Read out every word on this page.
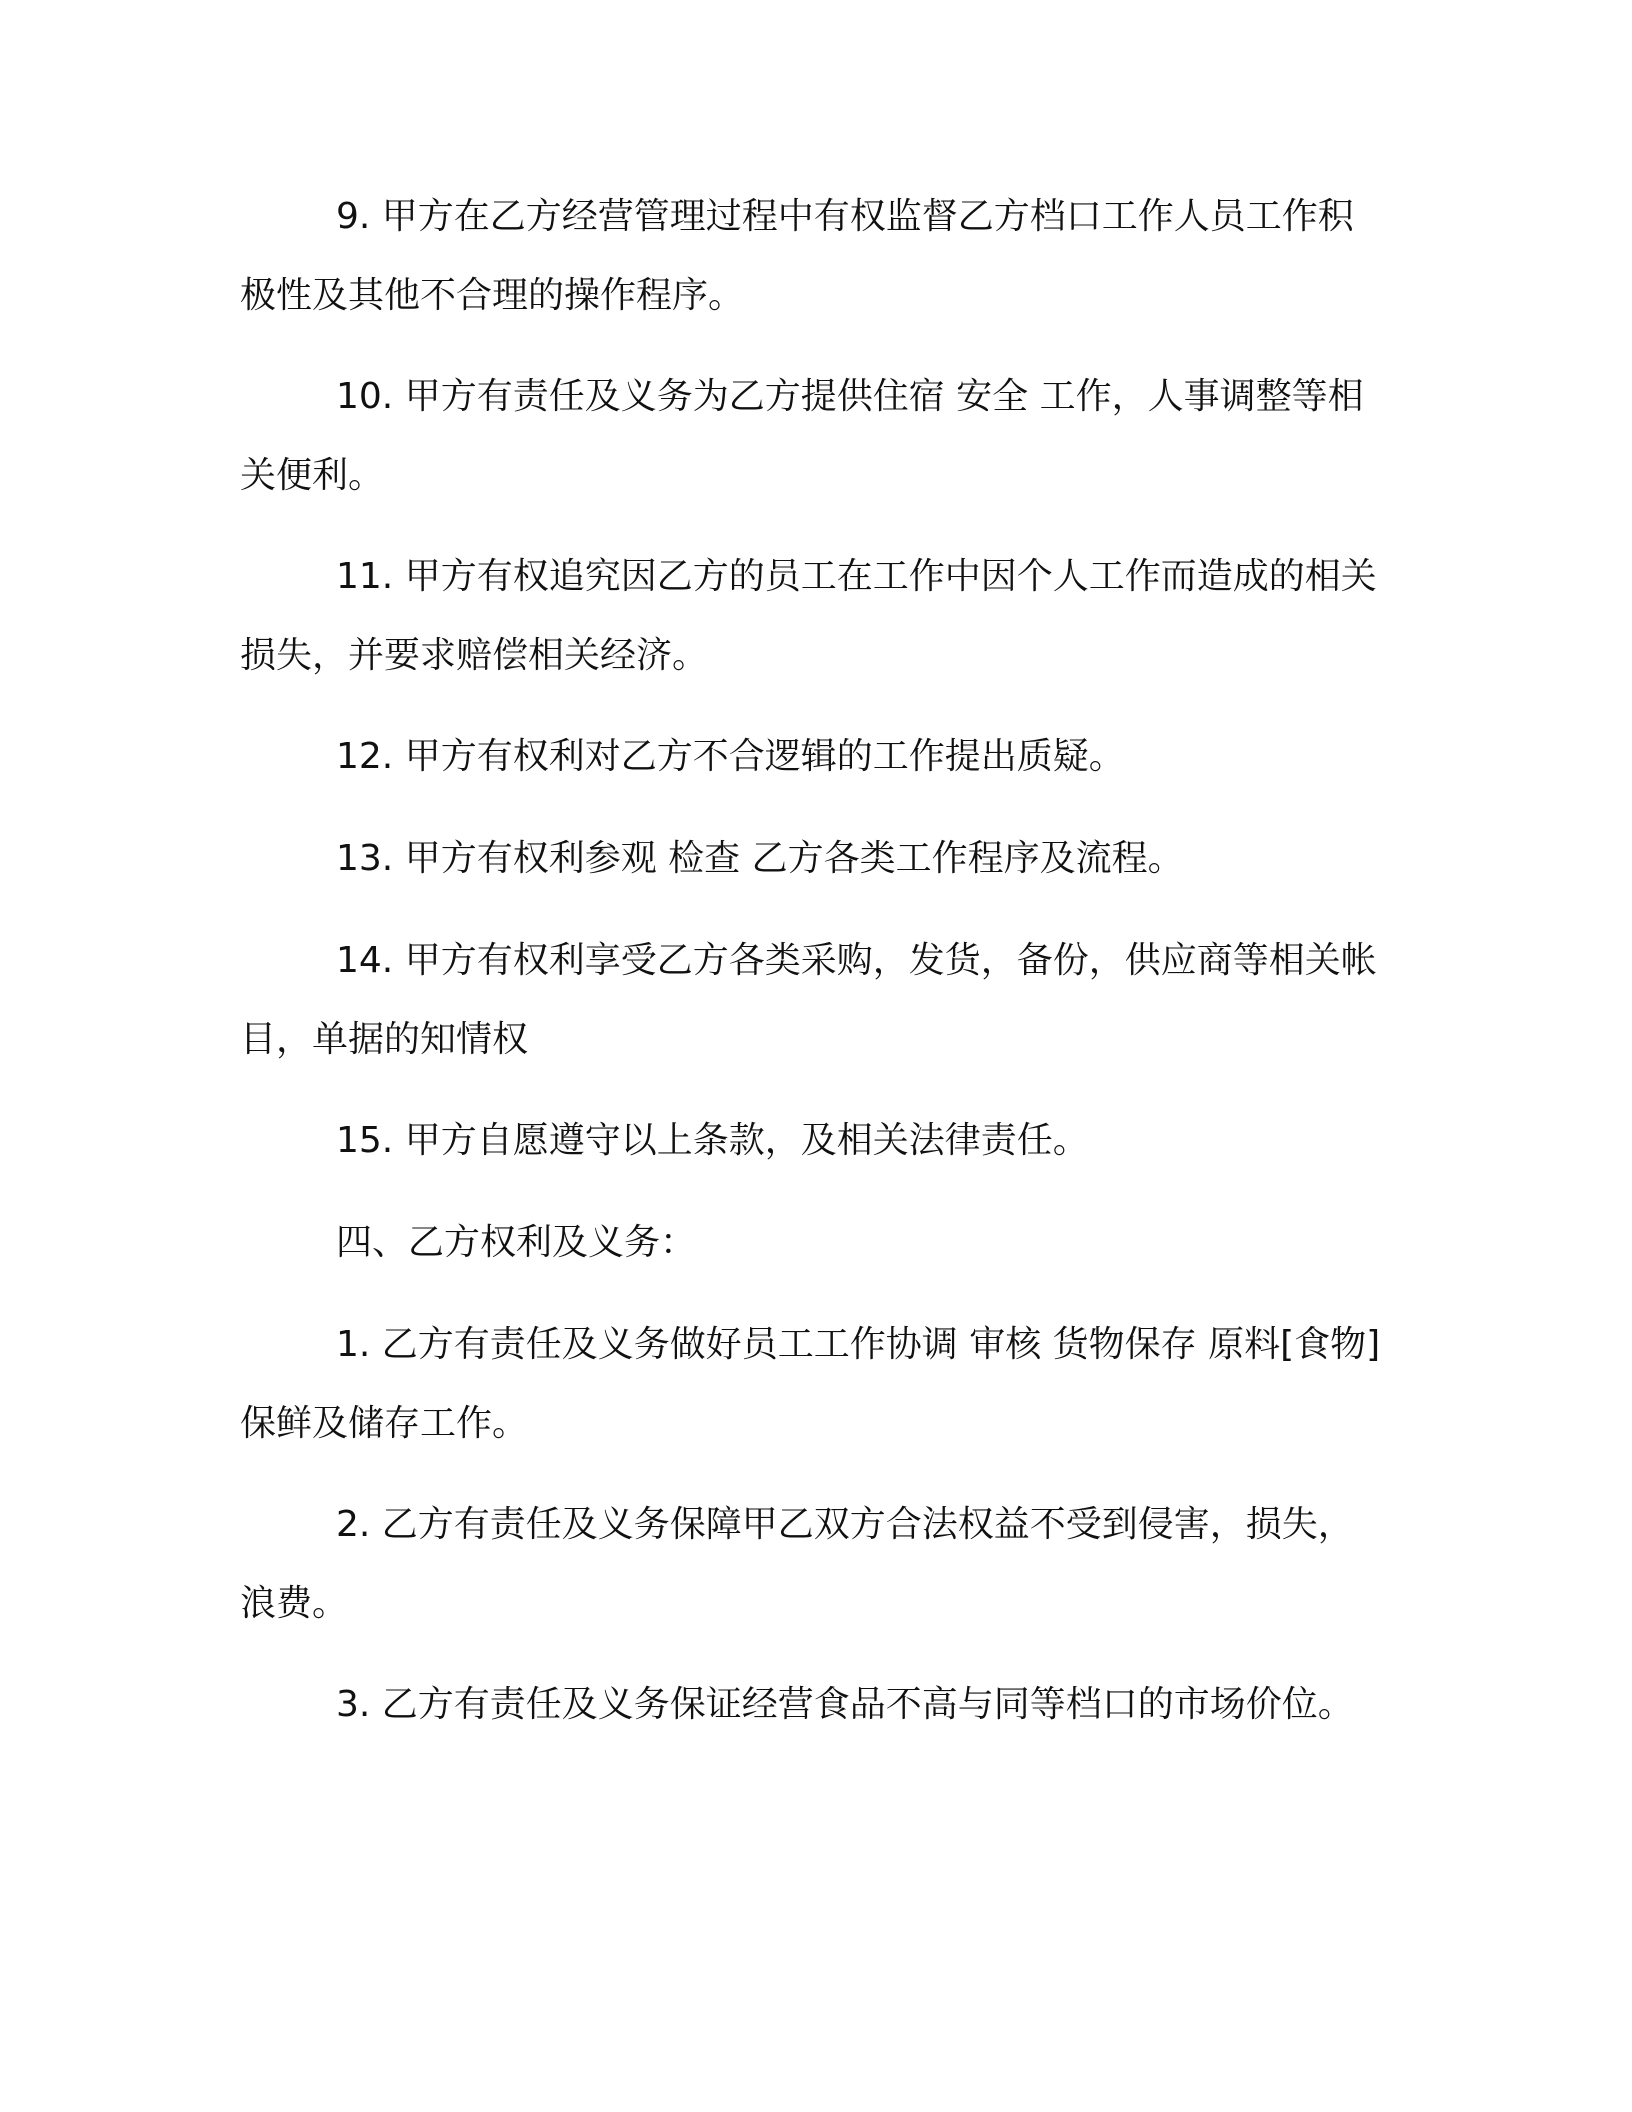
9. 甲方在乙方经营管理过程中有权监督乙方档口工作人员工作积极性及其他不合理的操作程序。

10. 甲方有责任及义务为乙方提供住宿 安全 工作，人事调整等相关便利。

11. 甲方有权追究因乙方的员工在工作中因个人工作而造成的相关损失，并要求赔偿相关经济。

12. 甲方有权利对乙方不合逻辑的工作提出质疑。

13. 甲方有权利参观 检查 乙方各类工作程序及流程。

14. 甲方有权利享受乙方各类采购，发货，备份，供应商等相关帐目，单据的知情权

15. 甲方自愿遵守以上条款，及相关法律责任。

四、乙方权利及义务：

1. 乙方有责任及义务做好员工工作协调 审核 货物保存 原料[食物]保鲜及储存工作。

2. 乙方有责任及义务保障甲乙双方合法权益不受到侵害，损失，浪费。

3. 乙方有责任及义务保证经营食品不高与同等档口的市场价位。
